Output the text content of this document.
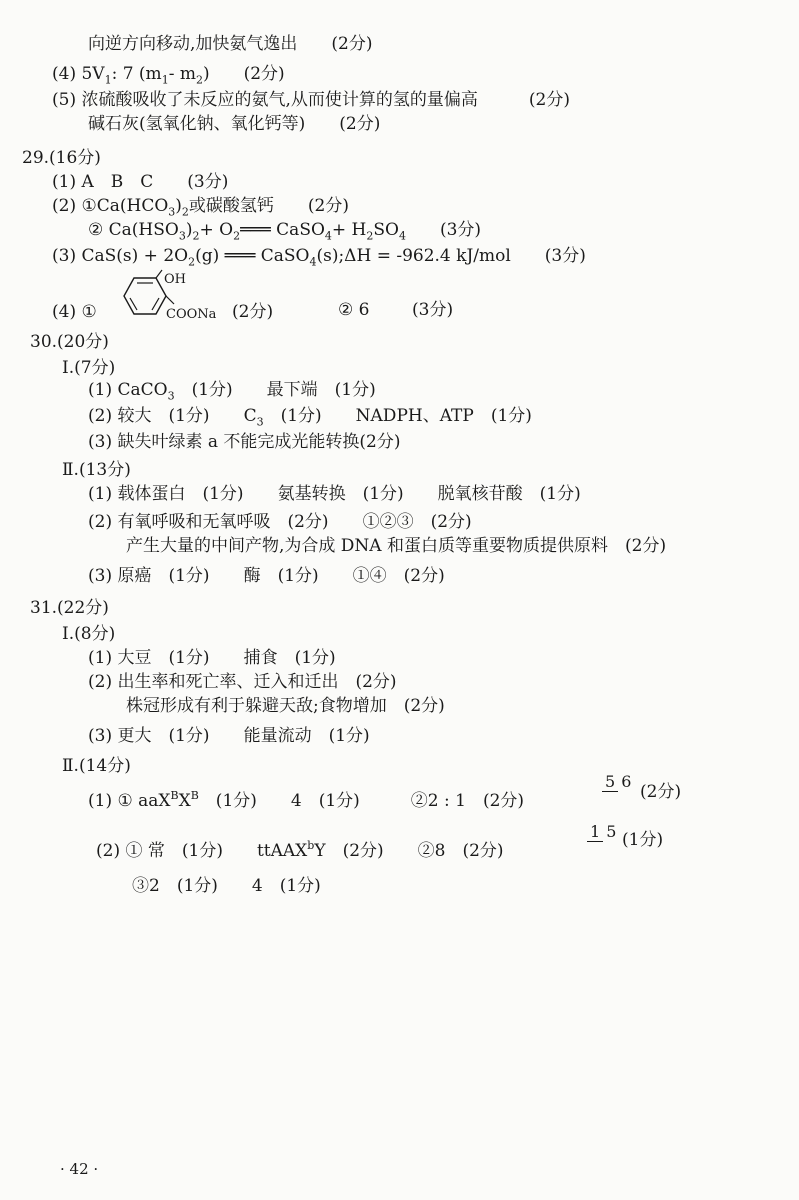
向逆方向移动,加快氨气逸出　　(2分)
(4) $5V_1$: 7 ($m_1-$ $m_2$)　　(2分)
(5) 浓硫酸吸收了未反应的氨气,从而使计算的氢的量偏高　　　(2分)
碱石灰(氢氧化钠、氧化钙等)　　(2分)
29.(16分)
(1) A　B　C　　(3分)
(2) $①Ca(HCO_3)_2$或碳酸氢钙　　(2分)
② $Ca(HSO_3)_2+$ $O_2═══$ CaSO$_4$+ $H_2SO_4$　　(3分)
(3) $CaS(s) + 2O_2(g)$ ═══ CaSO$_4$(s);ΔH = -962.4 kJ/mol　　(3分)
(4) ①
OH
COONa (2分)	② 6	(3分)
30.(20分)
Ⅰ.(7分)
(1) CaCO$_3$　(1分)　　最下端　(1分)
(2) 较大　(1分)　　$C_3$　(1分)　　NADPH、ATP　(1分)
(3) 缺失叶绿素 a 不能完成光能转换(2分)
Ⅱ.(13分)
(1) 载体蛋白　(1分)　　氨基转换　(1分)　　脱氧核苷酸　(1分)
(2) 有氧呼吸和无氧呼吸　(2分)　　①②③　(2分)
产生大量的中间产物,为合成 DNA 和蛋白质等重要物质提供原料　(2分)
(3) 原癌　(1分)　　酶　(1分)　　①④　(2分)
31.(22分)
Ⅰ.(8分)
(1) 大豆　(1分)　　捕食　(1分)
(2) 出生率和死亡率、迁入和迁出　(2分)
株冠形成有利于躲避天敌;食物增加　(2分)
(3) 更大　(1分)　　能量流动　(1分)
Ⅱ.(14分)
(1) ① $aaX^BX^B$　(1分)　　4　(1分)　　　②2 : 1　(2分)
5 6
(2分)
(2) ① 常　(1分)　　ttAAX$^b$Y　(2分)　　②8　(2分)
1 5 (1分)
③2　(1分)　　4　(1分)
· 42 ·
